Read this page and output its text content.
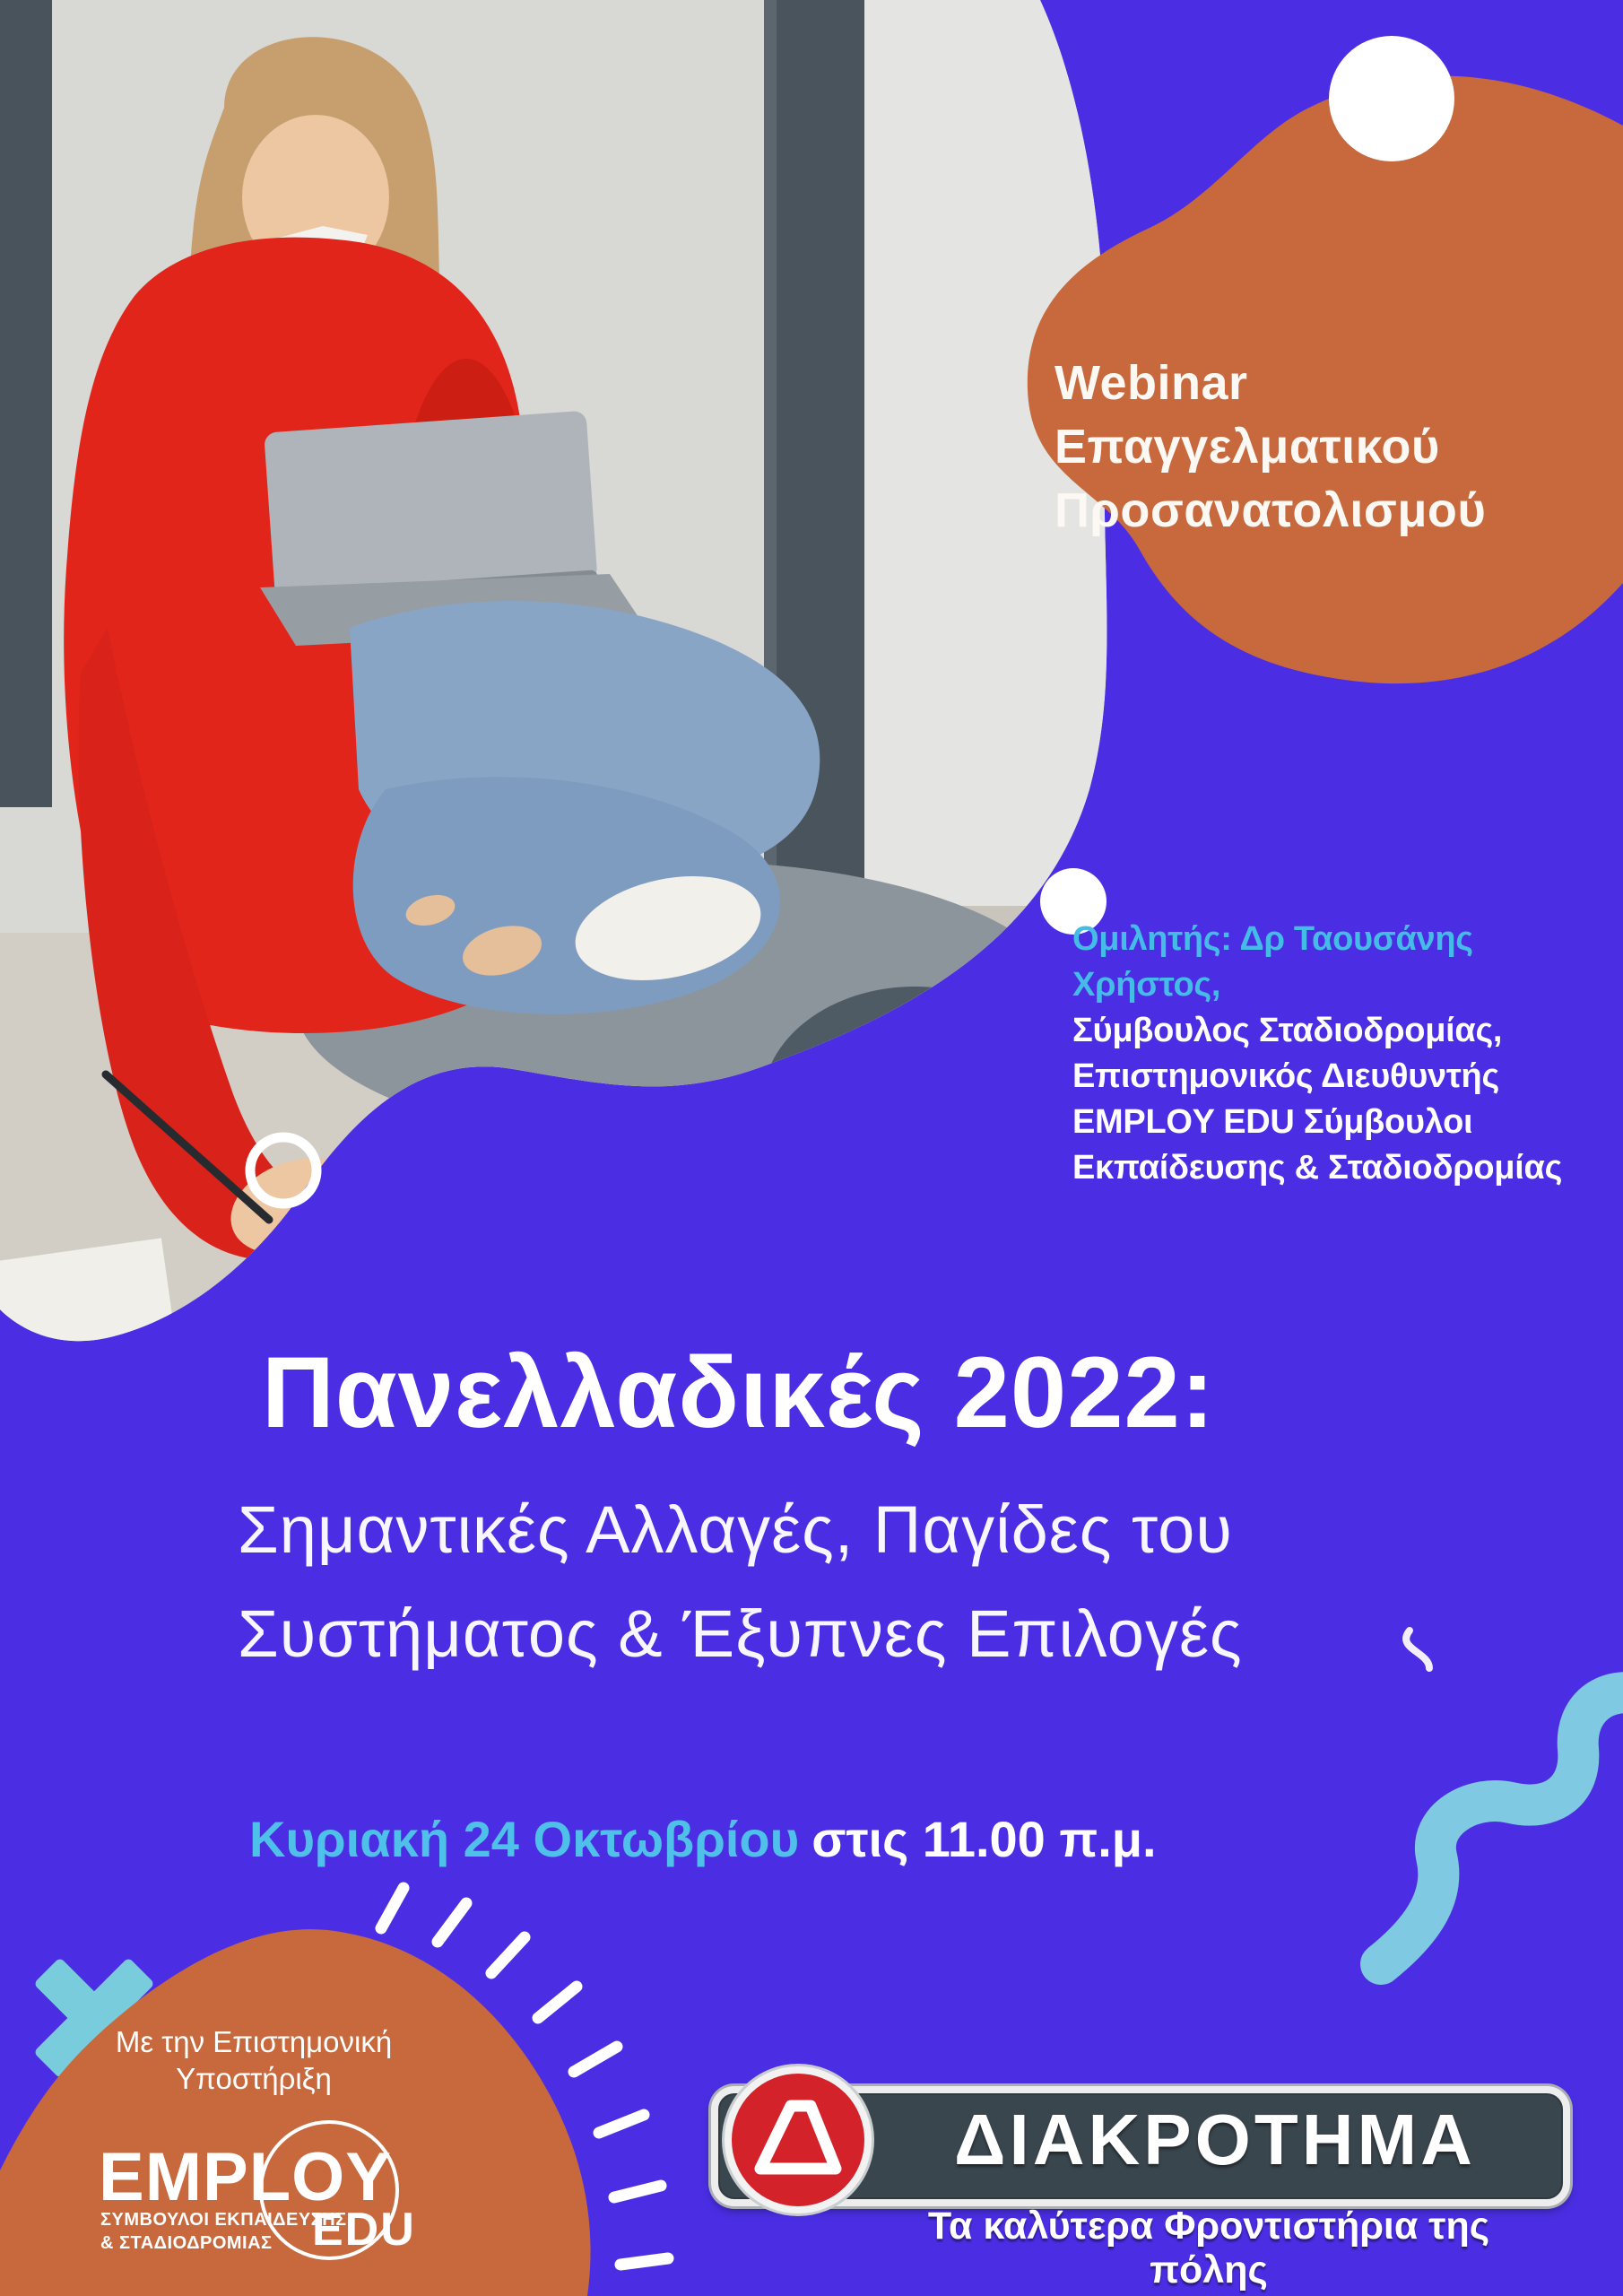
Webinar
Επαγγελματικού
Προσανατολισμού
Ομιλητής: Δρ Ταουσάνης Χρήστος,
Σύμβουλος Σταδιοδρομίας,
Επιστημονικός Διευθυντής
EMPLOY EDU Σύμβουλοι
Εκπαίδευσης & Σταδιοδρομίας
Πανελλαδικές 2022:
Σημαντικές Αλλαγές, Παγίδες του
Συστήματος & Έξυπνες Επιλογές
Κυριακή 24 Οκτωβρίου στις 11.00 π.μ.
Με την Επιστημονική
Υποστήριξη
EMPLOY
ΣΥΜΒΟΥΛΟΙ ΕΚΠΑΙΔΕΥΣΗΣ
& ΣΤΑΔΙΟΔΡΟΜΙΑΣ EDU
ΔΙΑΚΡΟΤΗΜΑ
Τα καλύτερα Φροντιστήρια της πόλης
